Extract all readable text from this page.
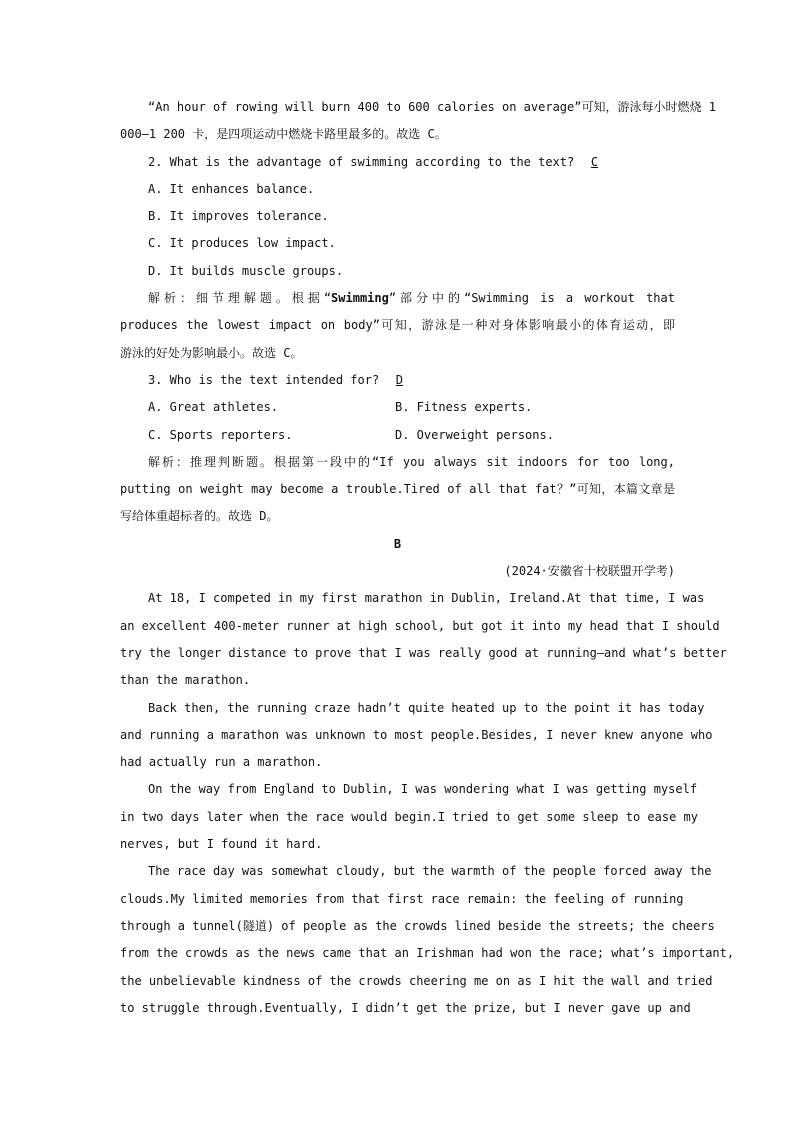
“An hour of rowing will burn 400 to 600 calories on average”可知，游泳每小时燃烧 1
000—1 200 卡，是四项运动中燃烧卡路里最多的。故选 C。
2. What is the advantage of swimming according to the text? C
A. It enhances balance.
B. It improves tolerance.
C. It produces low impact.
D. It builds muscle groups.
解析：细节理解题。根据“Swimming”部分中的“Swimming is a workout that
produces the lowest impact on body”可知，游泳是一种对身体影响最小的体育运动，即
游泳的好处为影响最小。故选 C。
3. Who is the text intended for? D
A. Great athletes.	B. Fitness experts.
C. Sports reporters.	D. Overweight persons.
解析：推理判断题。根据第一段中的“If you always sit indoors for too long,
putting on weight may become a trouble.Tired of all that fat？”可知，本篇文章是
写给体重超标者的。故选 D。
B
(2024·安徽省十校联盟开学考)
At 18, I competed in my first marathon in Dublin, Ireland.At that time, I was
an excellent 400-meter runner at high school, but got it into my head that I should
try the longer distance to prove that I was really good at running—and what’s better
than the marathon.
Back then, the running craze hadn’t quite heated up to the point it has today
and running a marathon was unknown to most people.Besides, I never knew anyone who
had actually run a marathon.
On the way from England to Dublin, I was wondering what I was getting myself
in two days later when the race would begin.I tried to get some sleep to ease my
nerves, but I found it hard.
The race day was somewhat cloudy, but the warmth of the people forced away the
clouds.My limited memories from that first race remain: the feeling of running
through a tunnel(隧道) of people as the crowds lined beside the streets; the cheers
from the crowds as the news came that an Irishman had won the race; what’s important,
the unbelievable kindness of the crowds cheering me on as I hit the wall and tried
to struggle through.Eventually, I didn’t get the prize, but I never gave up and
